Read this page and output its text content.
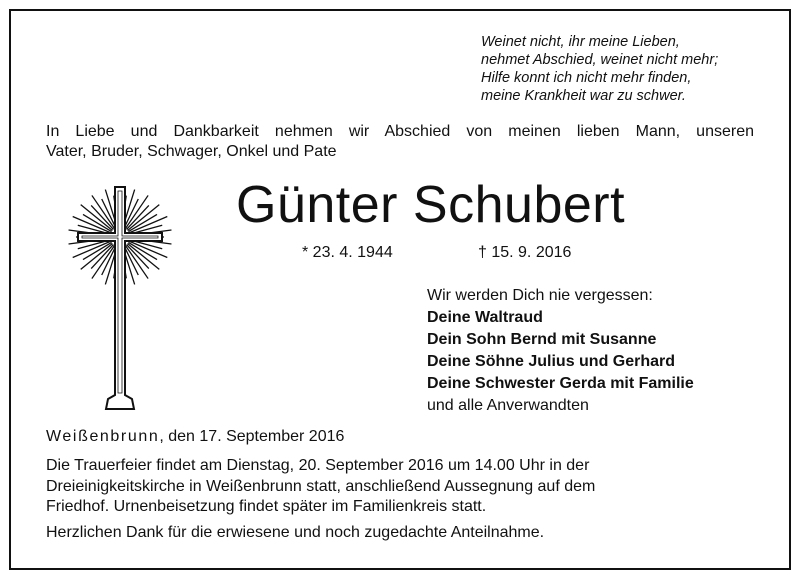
Weinet nicht, ihr meine Lieben,
nehmet Abschied, weinet nicht mehr;
Hilfe konnt ich nicht mehr finden,
meine Krankheit war zu schwer.
In Liebe und Dankbarkeit nehmen wir Abschied von meinen lieben Mann, unseren
Vater, Bruder, Schwager, Onkel und Pate
Günter Schubert
* 23. 4. 1944	† 15. 9. 2016
Wir werden Dich nie vergessen:
Deine Waltraud
Dein Sohn Bernd mit Susanne
Deine Söhne Julius und Gerhard
Deine Schwester Gerda mit Familie
und alle Anverwandten
Weißenbrunn, den 17. September 2016
Die Trauerfeier findet am Dienstag, 20. September 2016 um 14.00 Uhr in der
Dreieinigkeitskirche in Weißenbrunn statt, anschließend Aussegnung auf dem
Friedhof. Urnenbeisetzung findet später im Familienkreis statt.
Herzlichen Dank für die erwiesene und noch zugedachte Anteilnahme.
